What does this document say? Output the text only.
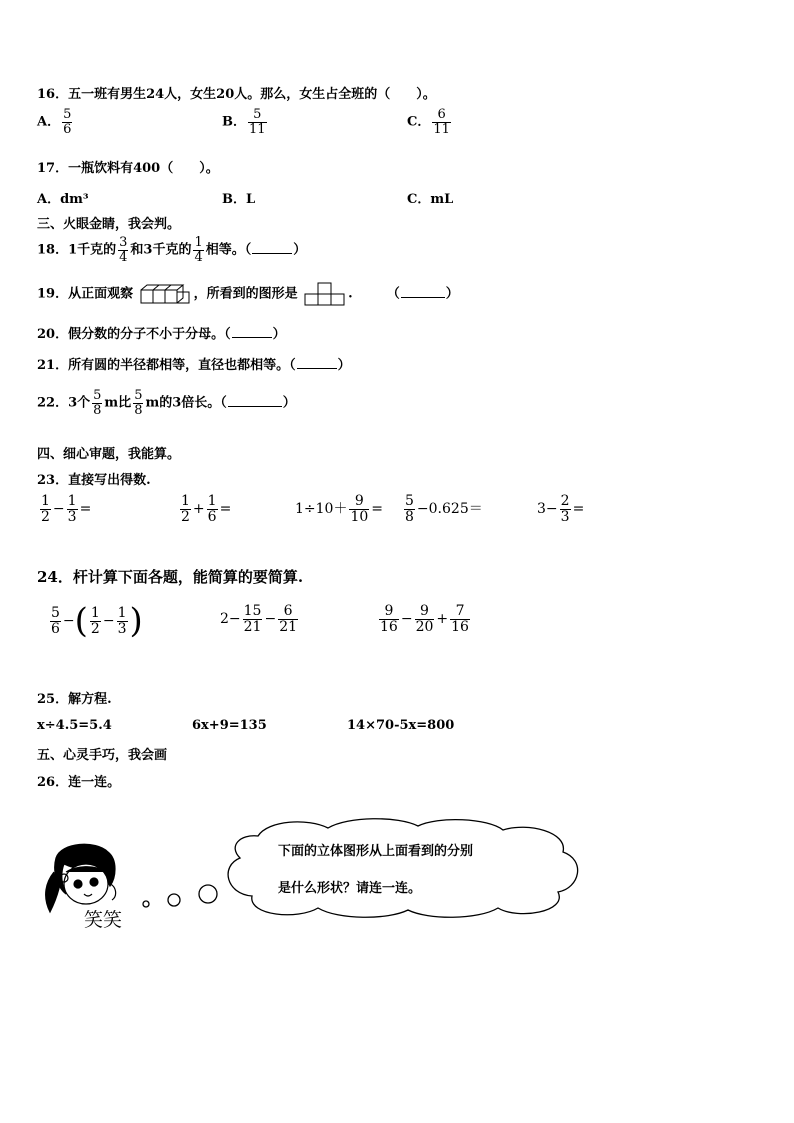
16．五一班有男生24人，女生20人。那么，女生占全班的（　　）。
A． $\frac{5}{6}$	B． $\frac{5}{11}$	C． $\frac{6}{11}$
17．一瓶饮料有400（　　）。
A．dm³	B．L	C．mL
三、火眼金睛，我会判。
18．1千克的 $\frac{3}{4}$ 和3千克的 $\frac{1}{4}$ 相等。（	）
19．从正面观察	，所看到的图形是	.	（	）
20．假分数的分子不小于分母。（	）
21．所有圆的半径都相等，直径也都相等。（	）
22．3个 $\frac{5}{8}$ m比 $\frac{5}{8}$ m的3倍长。（	）
四、细心审题，我能算。
23．直接写出得数.
$\frac{1}{2} - \frac{1}{3}$ =	$\frac{1}{2} + \frac{1}{6}$ =	$1\div 10+ \frac{9}{10} = \frac{5}{8} -0.625=$	$3- \frac{2}{3}$ =
24．杆计算下面各题，能简算的要简算.
$\frac{5}{6}$ −( $\frac{1}{2} - \frac{1}{3}$ )	$2- \frac{15}{21} - \frac{6}{21}$	$\frac{9}{16} - \frac{9}{20} + \frac{7}{16}$
25．解方程.
x÷4.5=5.4	6x+9=135	14×70-5x=800
五、心灵手巧，我会画
26．连一连。
笑笑
下面的立体图形从上面看到的分别
是什么形状？请连一连。
